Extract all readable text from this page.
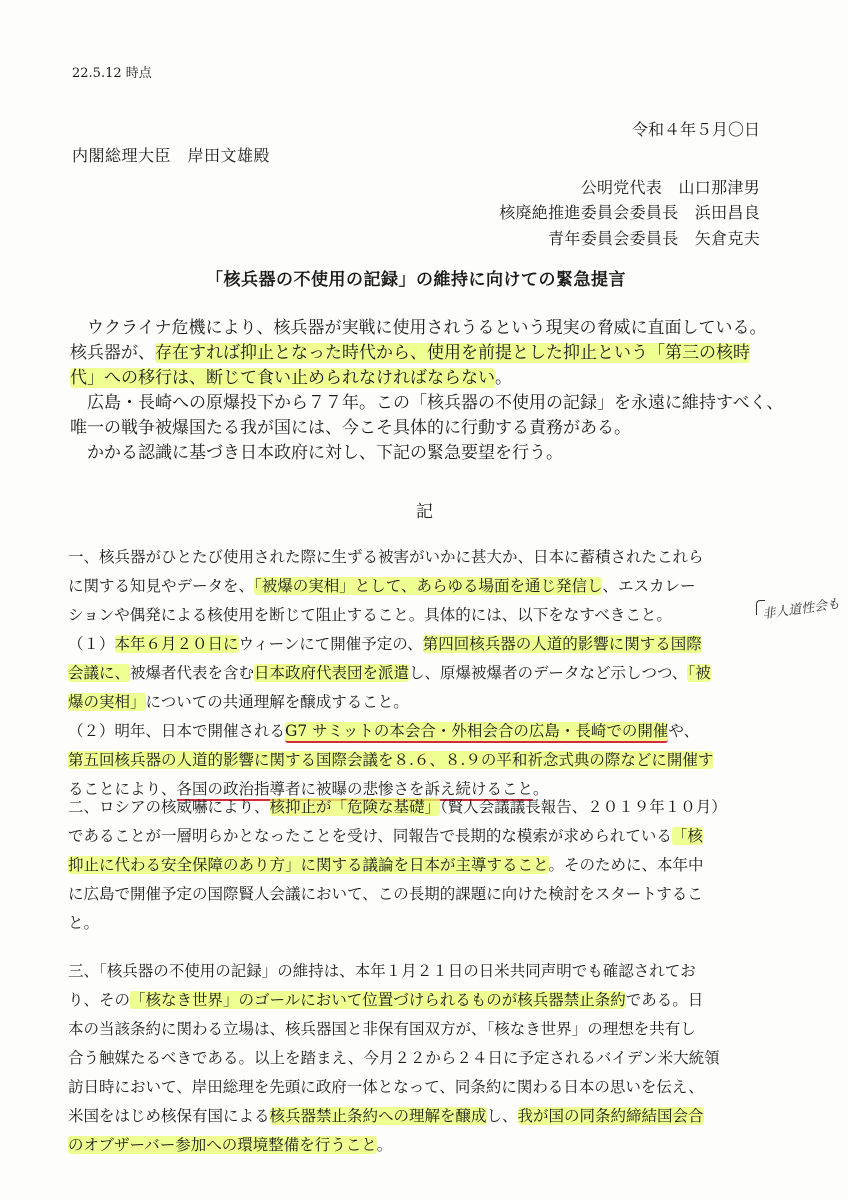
22.5.12 時点
令和４年５月〇日
内閣総理大臣　岸田文雄殿
公明党代表　山口那津男
核廃絶推進委員会委員長　浜田昌良
青年委員会委員長　矢倉克夫
「核兵器の不使用の記録」の維持に向けての緊急提言

　ウクライナ危機により、核兵器が実戦に使用されうるという現実の脅威に直面している。

核兵器が、存在すれば抑止となった時代から、使用を前提とした抑止という「第三の核時

代」への移行は、断じて食い止められなければならない。

　広島・長崎への原爆投下から７７年。この「核兵器の不使用の記録」を永遠に維持すべく、

唯一の戦争被爆国たる我が国には、今こそ具体的に行動する責務がある。

　かかる認識に基づき日本政府に対し、下記の緊急要望を行う。

記

一、核兵器がひとたび使用された際に生ずる被害がいかに甚大か、日本に蓄積されたこれら

に関する知見やデータを、「被爆の実相」として、あらゆる場面を通じ発信し、エスカレー

ションや偶発による核使用を断じて阻止すること。具体的には、以下をなすべきこと。

（１）本年６月２０日にウィーンにて開催予定の、第四回核兵器の人道的影響に関する国際

会議に、被爆者代表を含む日本政府代表団を派遣し、原爆被爆者のデータなど示しつつ、「被

爆の実相」についての共通理解を醸成すること。

（２）明年、日本で開催されるG7 サミットの本会合・外相会合の広島・長崎での開催や、

第五回核兵器の人道的影響に関する国際会議を８.６、８.９の平和祈念式典の際などに開催す

ることにより、各国の政治指導者に被曝の悲惨さを訴え続けること。

非人道性会も

二、ロシアの核威嚇により、核抑止が「危険な基礎」（賢人会議議長報告、２０１９年１０月）

であることが一層明らかとなったことを受け、同報告で長期的な模索が求められている「核

抑止に代わる安全保障のあり方」に関する議論を日本が主導すること。そのために、本年中

に広島で開催予定の国際賢人会議において、この長期的課題に向けた検討をスタートするこ

と。

三、「核兵器の不使用の記録」の維持は、本年１月２１日の日米共同声明でも確認されてお

り、その「核なき世界」のゴールにおいて位置づけられるものが核兵器禁止条約である。日

本の当該条約に関わる立場は、核兵器国と非保有国双方が、「核なき世界」の理想を共有し

合う触媒たるべきである。以上を踏まえ、今月２２から２４日に予定されるバイデン米大統領

訪日時において、岸田総理を先頭に政府一体となって、同条約に関わる日本の思いを伝え、

米国をはじめ核保有国による核兵器禁止条約への理解を醸成し、我が国の同条約締結国会合

のオブザーバー参加への環境整備を行うこと。
